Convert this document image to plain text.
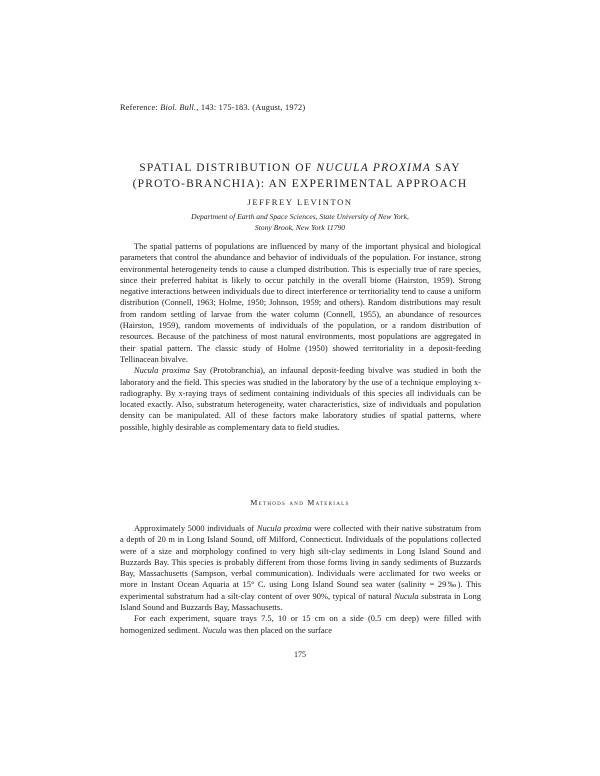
Reference: Biol. Bull., 143: 175-183. (August, 1972)
SPATIAL DISTRIBUTION OF NUCULA PROXIMA SAY (PROTO-BRANCHIA): AN EXPERIMENTAL APPROACH
JEFFREY LEVINTON
Department of Earth and Space Sciences, State University of New York,
Stony Brook, New York 11790

The spatial patterns of populations are influenced by many of the important physical and biological parameters that control the abundance and behavior of individuals of the population. For instance, strong environmental heterogeneity tends to cause a clumped distribution. This is especially true of rare species, since their preferred habitat is likely to occur patchily in the overall biome (Hairston, 1959). Strong negative interactions between individuals due to direct interference or territoriality tend to cause a uniform distribution (Connell, 1963; Holme, 1950; Johnson, 1959; and others). Random distributions may result from random settling of larvae from the water column (Connell, 1955), an abundance of resources (Hairston, 1959), random movements of individuals of the population, or a random distribution of resources. Because of the patchiness of most natural environments, most populations are aggregated in their spatial pattern. The classic study of Holme (1950) showed territoriality in a deposit-feeding Tellinacean bivalve.

Nucula proxima Say (Protobranchia), an infaunal deposit-feeding bivalve was studied in both the laboratory and the field. This species was studied in the laboratory by the use of a technique employing x-radiography. By x-raying trays of sediment containing individuals of this species all individuals can be located exactly. Also, substratum heterogeneity, water characteristics, size of individuals and population density can be manipulated. All of these factors make laboratory studies of spatial patterns, where possible, highly desirable as complementary data to field studies.

Methods and Materials

Approximately 5000 individuals of Nucula proxima were collected with their native substratum from a depth of 20 m in Long Island Sound, off Milford, Connecticut. Individuals of the populations collected were of a size and morphology confined to very high silt-clay sediments in Long Island Sound and Buzzards Bay. This species is probably different from those forms living in sandy sediments of Buzzards Bay, Massachusetts (Sampson, verbal communication). Individuals were acclimated for two weeks or more in Instant Ocean Aquaria at 15° C. using Long Island Sound sea water (salinity = 29‰). This experimental substratum had a silt-clay content of over 90%, typical of natural Nucula substrata in Long Island Sound and Buzzards Bay, Massachusetts.

For each experiment, square trays 7.5, 10 or 15 cm on a side (0.5 cm deep) were filled with homogenized sediment. Nucula was then placed on the surface

175
